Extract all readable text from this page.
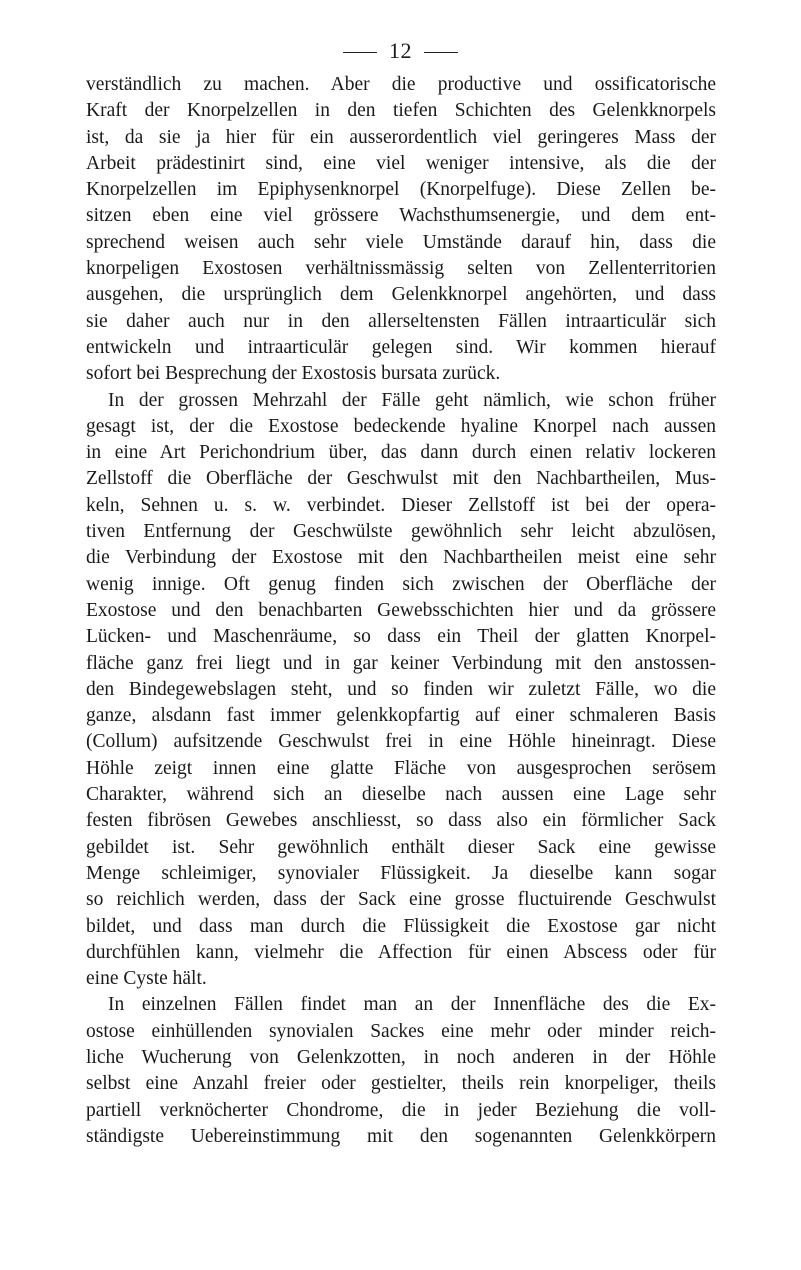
12
verständlich zu machen. Aber die productive und ossificatorische
Kraft der Knorpelzellen in den tiefen Schichten des Gelenkknorpels
ist, da sie ja hier für ein ausserordentlich viel geringeres Mass der
Arbeit prädestinirt sind, eine viel weniger intensive, als die der
Knorpelzellen im Epiphysenknorpel (Knorpelfuge). Diese Zellen be-
sitzen eben eine viel grössere Wachsthumsenergie, und dem ent-
sprechend weisen auch sehr viele Umstände darauf hin, dass die
knorpeligen Exostosen verhältnissmässig selten von Zellenterritorien
ausgehen, die ursprünglich dem Gelenkknorpel angehörten, und dass
sie daher auch nur in den allerseltensten Fällen intraarticulär sich
entwickeln und intraarticulär gelegen sind. Wir kommen hierauf
sofort bei Besprechung der Exostosis bursata zurück.
In der grossen Mehrzahl der Fälle geht nämlich, wie schon früher
gesagt ist, der die Exostose bedeckende hyaline Knorpel nach aussen
in eine Art Perichondrium über, das dann durch einen relativ lockeren
Zellstoff die Oberfläche der Geschwulst mit den Nachbartheilen, Mus-
keln, Sehnen u. s. w. verbindet. Dieser Zellstoff ist bei der opera-
tiven Entfernung der Geschwülste gewöhnlich sehr leicht abzulösen,
die Verbindung der Exostose mit den Nachbartheilen meist eine sehr
wenig innige. Oft genug finden sich zwischen der Oberfläche der
Exostose und den benachbarten Gewebsschichten hier und da grössere
Lücken- und Maschenräume, so dass ein Theil der glatten Knorpel-
fläche ganz frei liegt und in gar keiner Verbindung mit den anstossen-
den Bindegewebslagen steht, und so finden wir zuletzt Fälle, wo die
ganze, alsdann fast immer gelenkkopfartig auf einer schmaleren Basis
(Collum) aufsitzende Geschwulst frei in eine Höhle hineinragt. Diese
Höhle zeigt innen eine glatte Fläche von ausgesprochen serösem
Charakter, während sich an dieselbe nach aussen eine Lage sehr
festen fibrösen Gewebes anschliesst, so dass also ein förmlicher Sack
gebildet ist. Sehr gewöhnlich enthält dieser Sack eine gewisse
Menge schleimiger, synovialer Flüssigkeit. Ja dieselbe kann sogar
so reichlich werden, dass der Sack eine grosse fluctuirende Geschwulst
bildet, und dass man durch die Flüssigkeit die Exostose gar nicht
durchfühlen kann, vielmehr die Affection für einen Abscess oder für
eine Cyste hält.
In einzelnen Fällen findet man an der Innenfläche des die Ex-
ostose einhüllenden synovialen Sackes eine mehr oder minder reich-
liche Wucherung von Gelenkzotten, in noch anderen in der Höhle
selbst eine Anzahl freier oder gestielter, theils rein knorpeliger, theils
partiell verknöcherter Chondrome, die in jeder Beziehung die voll-
ständigste Uebereinstimmung mit den sogenannten Gelenkkörpern
